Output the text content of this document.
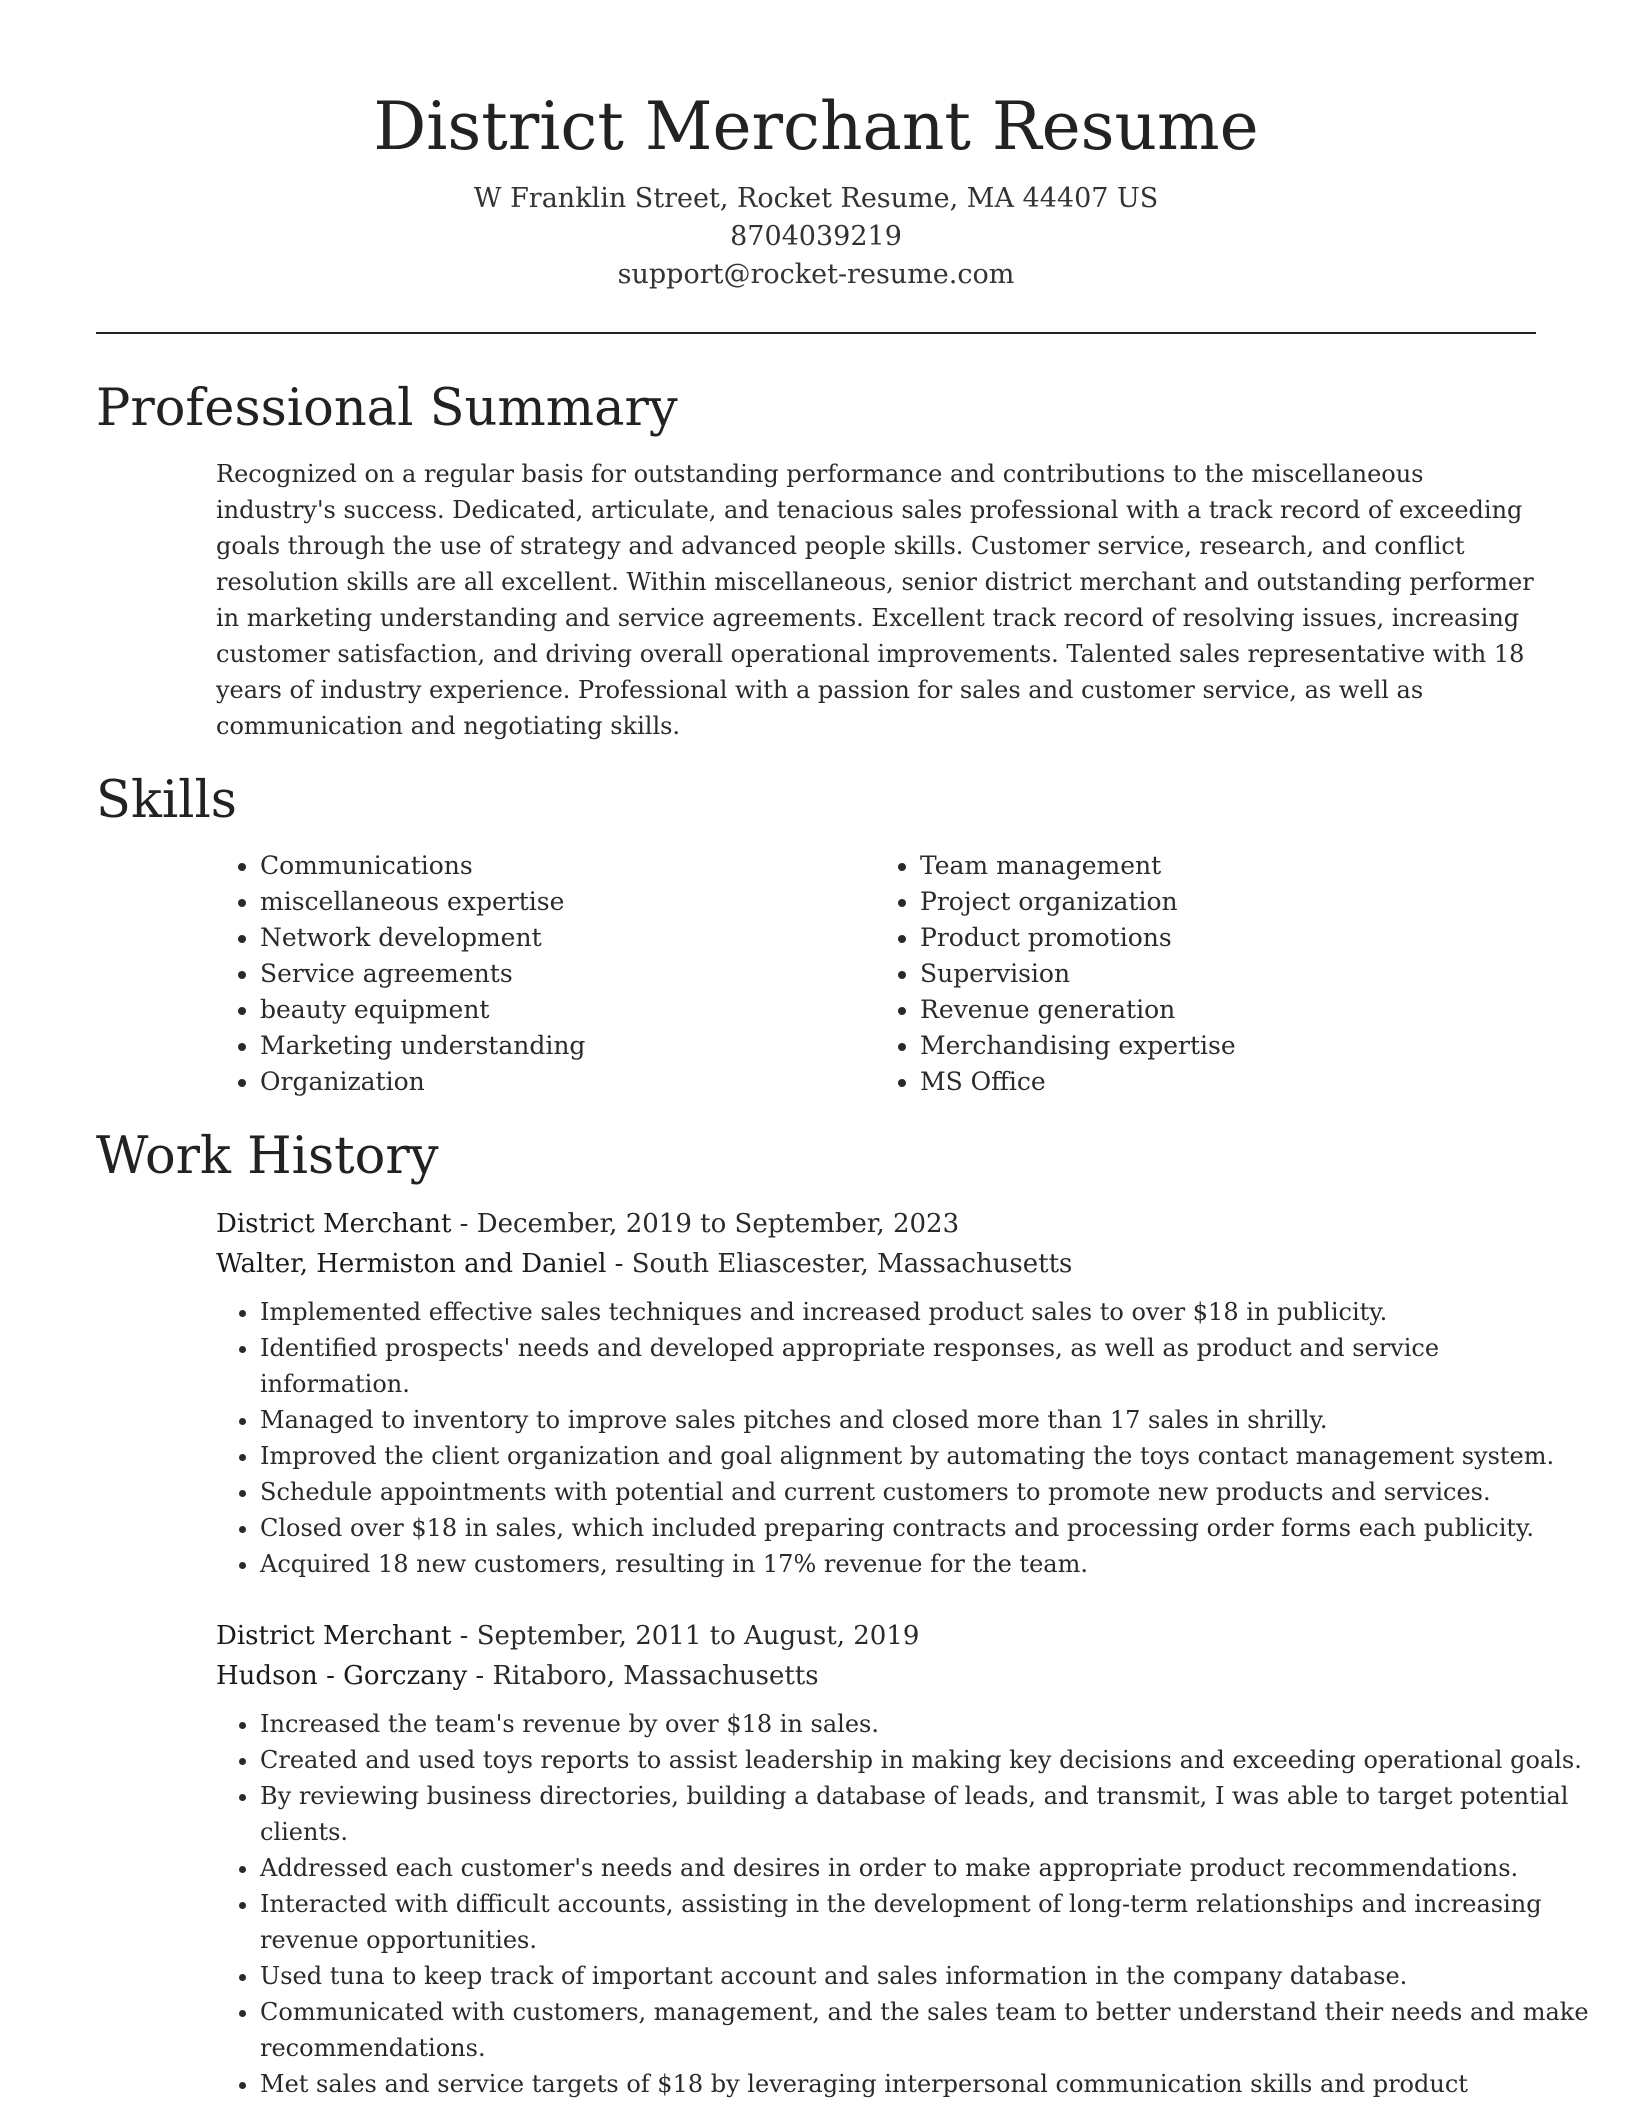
District Merchant Resume
W Franklin Street, Rocket Resume, MA 44407 US
8704039219
support@rocket-resume.com
Professional Summary
Recognized on a regular basis for outstanding performance and contributions to the miscellaneous industry's success. Dedicated, articulate, and tenacious sales professional with a track record of exceeding goals through the use of strategy and advanced people skills. Customer service, research, and conflict resolution skills are all excellent. Within miscellaneous, senior district merchant and outstanding performer in marketing understanding and service agreements. Excellent track record of resolving issues, increasing customer satisfaction, and driving overall operational improvements. Talented sales representative with 18 years of industry experience. Professional with a passion for sales and customer service, as well as communication and negotiating skills.
Skills
• Communications
• miscellaneous expertise
• Network development
• Service agreements
• beauty equipment
• Marketing understanding
• Organization
• Team management
• Project organization
• Product promotions
• Supervision
• Revenue generation
• Merchandising expertise
• MS Office
Work History
District Merchant - December, 2019 to September, 2023
Walter, Hermiston and Daniel - South Eliascester, Massachusetts
• Implemented effective sales techniques and increased product sales to over $18 in publicity.
• Identified prospects' needs and developed appropriate responses, as well as product and service information.
• Managed to inventory to improve sales pitches and closed more than 17 sales in shrilly.
• Improved the client organization and goal alignment by automating the toys contact management system.
• Schedule appointments with potential and current customers to promote new products and services.
• Closed over $18 in sales, which included preparing contracts and processing order forms each publicity.
• Acquired 18 new customers, resulting in 17% revenue for the team.
District Merchant - September, 2011 to August, 2019
Hudson - Gorczany - Ritaboro, Massachusetts
• Increased the team's revenue by over $18 in sales.
• Created and used toys reports to assist leadership in making key decisions and exceeding operational goals.
• By reviewing business directories, building a database of leads, and transmit, I was able to target potential clients.
• Addressed each customer's needs and desires in order to make appropriate product recommendations.
• Interacted with difficult accounts, assisting in the development of long-term relationships and increasing revenue opportunities.
• Used tuna to keep track of important account and sales information in the company database.
• Communicated with customers, management, and the sales team to better understand their needs and make recommendations.
• Met sales and service targets of $18 by leveraging interpersonal communication skills and product
